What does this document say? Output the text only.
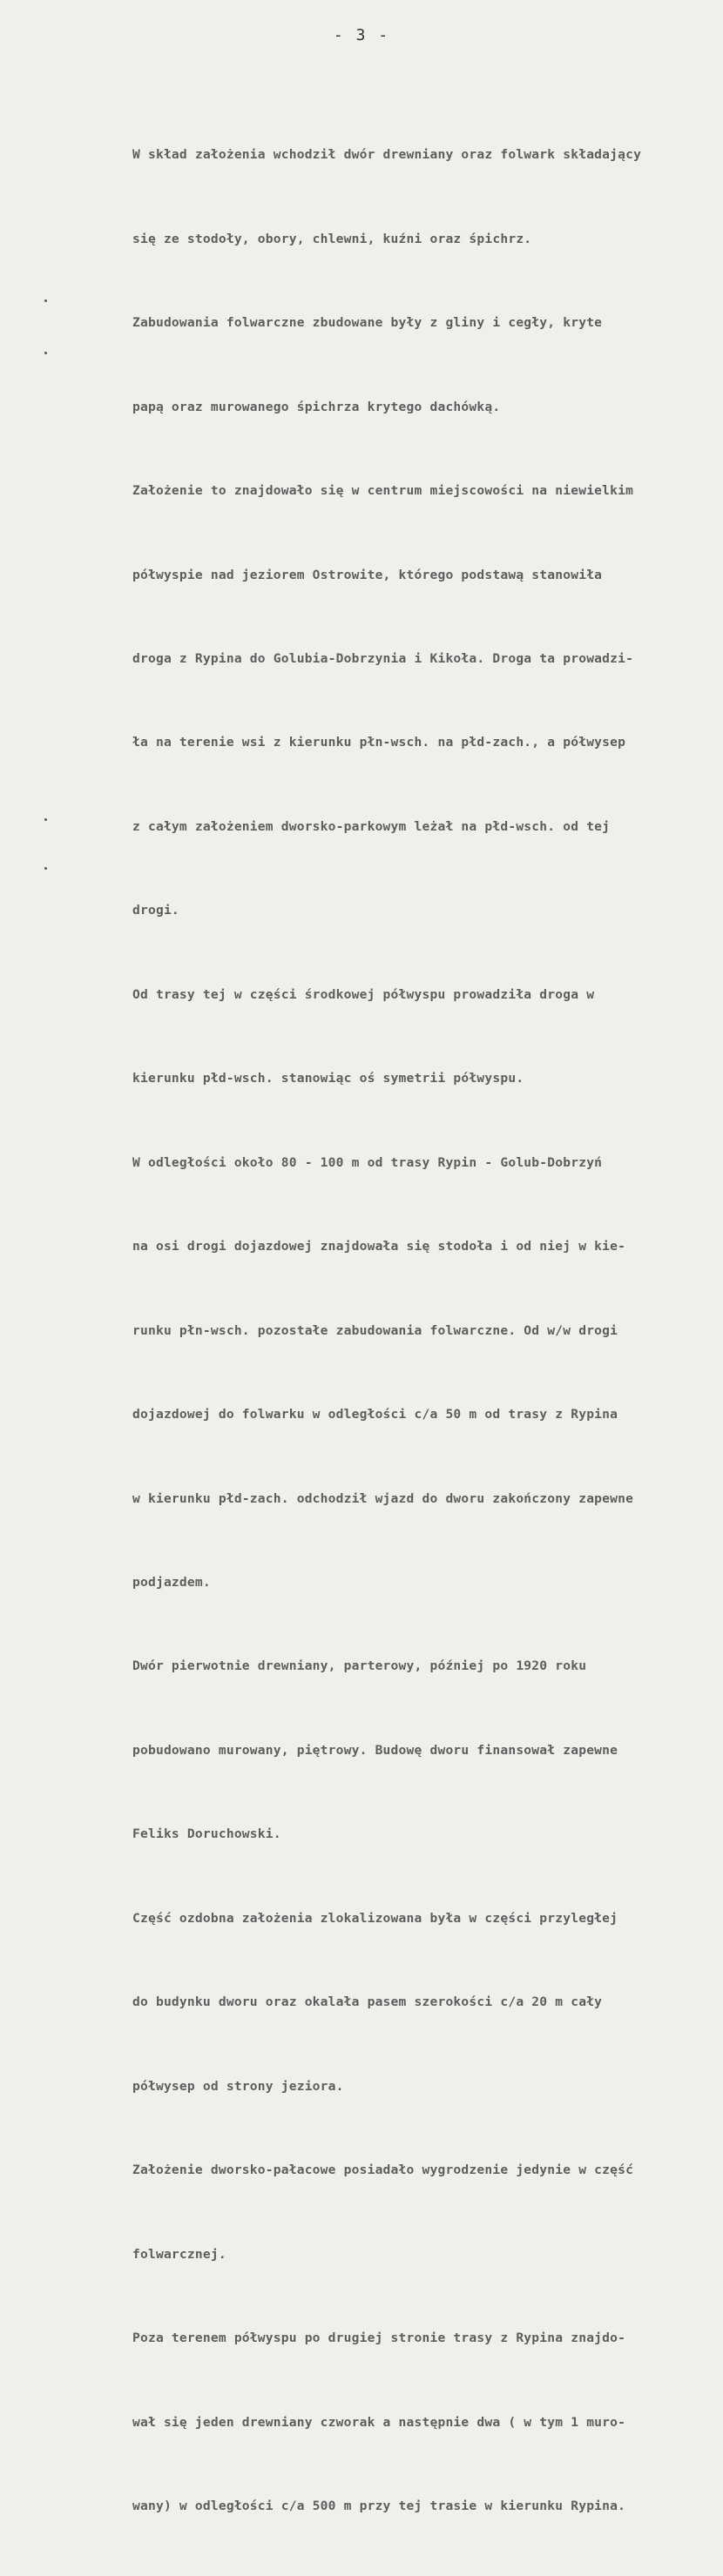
- 3 -

W skład założenia wchodził dwór drewniany oraz folwark składający

się ze stodoły, obory, chlewni, kuźni oraz śpichrz.

Zabudowania folwarczne zbudowane były z gliny i cegły, kryte

papą oraz murowanego śpichrza krytego dachówką.

Założenie to znajdowało się w centrum miejscowości na niewielkim

półwyspie nad jeziorem Ostrowite, którego podstawą stanowiła

droga z Rypina do Golubia-Dobrzynia i Kikoła. Droga ta prowadzi-

ła na terenie wsi z kierunku płn-wsch. na płd-zach., a półwysep

z całym założeniem dworsko-parkowym leżał na płd-wsch. od tej

drogi.

Od trasy tej w części środkowej półwyspu prowadziła droga w

kierunku płd-wsch. stanowiąc oś symetrii półwyspu.

W odległości około 80 - 100 m od trasy Rypin - Golub-Dobrzyń

na osi drogi dojazdowej znajdowała się stodoła i od niej w kie-

runku płn-wsch. pozostałe zabudowania folwarczne. Od w/w drogi

dojazdowej do folwarku w odległości c/a 50 m od trasy z Rypina

w kierunku płd-zach. odchodził wjazd do dworu zakończony zapewne

podjazdem.

Dwór pierwotnie drewniany, parterowy, później po 1920 roku

pobudowano murowany, piętrowy. Budowę dworu finansował zapewne

Feliks Doruchowski.

Część ozdobna założenia zlokalizowana była w części przyległej

do budynku dworu oraz okalała pasem szerokości c/a 20 m cały

półwysep od strony jeziora.

Założenie dworsko-pałacowe posiadało wygrodzenie jedynie w część

folwarcznej.

Poza terenem półwyspu po drugiej stronie trasy z Rypina znajdo-

wał się jeden drewniany czworak a następnie dwa ( w tym 1 muro-

wany) w odległości c/a 500 m przy tej trasie w kierunku Rypina.
